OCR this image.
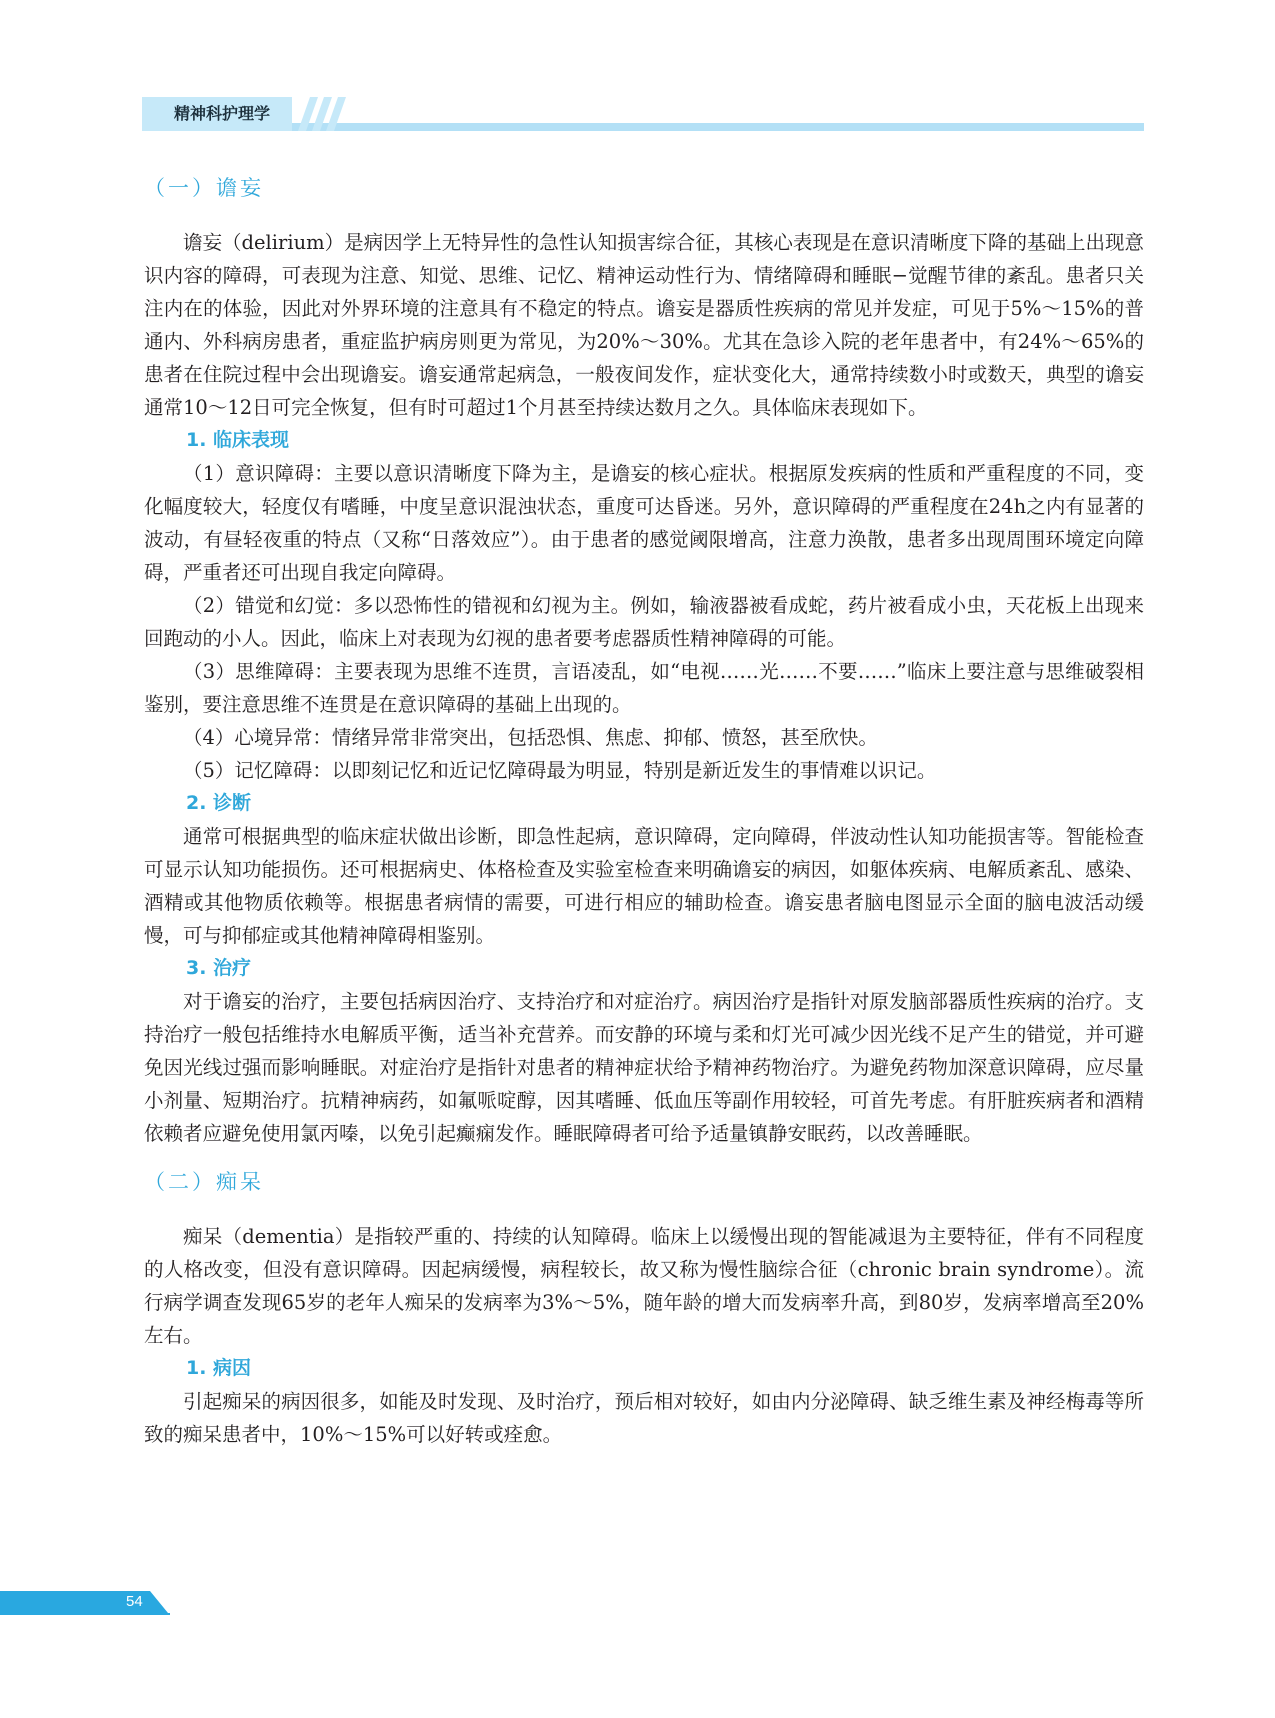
精神科护理学
（一）谵妄

谵妄（delirium）是病因学上无特异性的急性认知损害综合征，其核心表现是在意识清晰度下降的基础上出现意识内容的障碍，可表现为注意、知觉、思维、记忆、精神运动性行为、情绪障碍和睡眠−觉醒节律的紊乱。患者只关注内在的体验，因此对外界环境的注意具有不稳定的特点。谵妄是器质性疾病的常见并发症，可见于5%～15%的普通内、外科病房患者，重症监护病房则更为常见，为20%～30%。尤其在急诊入院的老年患者中，有24%～65%的患者在住院过程中会出现谵妄。谵妄通常起病急，一般夜间发作，症状变化大，通常持续数小时或数天，典型的谵妄通常10～12日可完全恢复，但有时可超过1个月甚至持续达数月之久。具体临床表现如下。

1. 临床表现

（1）意识障碍：主要以意识清晰度下降为主，是谵妄的核心症状。根据原发疾病的性质和严重程度的不同，变化幅度较大，轻度仅有嗜睡，中度呈意识混浊状态，重度可达昏迷。另外，意识障碍的严重程度在24h之内有显著的波动，有昼轻夜重的特点（又称“日落效应”）。由于患者的感觉阈限增高，注意力涣散，患者多出现周围环境定向障碍，严重者还可出现自我定向障碍。

（2）错觉和幻觉：多以恐怖性的错视和幻视为主。例如，输液器被看成蛇，药片被看成小虫，天花板上出现来回跑动的小人。因此，临床上对表现为幻视的患者要考虑器质性精神障碍的可能。

（3）思维障碍：主要表现为思维不连贯，言语凌乱，如“电视……光……不要……”临床上要注意与思维破裂相鉴别，要注意思维不连贯是在意识障碍的基础上出现的。

（4）心境异常：情绪异常非常突出，包括恐惧、焦虑、抑郁、愤怒，甚至欣快。

（5）记忆障碍：以即刻记忆和近记忆障碍最为明显，特别是新近发生的事情难以识记。

2. 诊断

通常可根据典型的临床症状做出诊断，即急性起病，意识障碍，定向障碍，伴波动性认知功能损害等。智能检查可显示认知功能损伤。还可根据病史、体格检查及实验室检查来明确谵妄的病因，如躯体疾病、电解质紊乱、感染、酒精或其他物质依赖等。根据患者病情的需要，可进行相应的辅助检查。谵妄患者脑电图显示全面的脑电波活动缓慢，可与抑郁症或其他精神障碍相鉴别。

3. 治疗

对于谵妄的治疗，主要包括病因治疗、支持治疗和对症治疗。病因治疗是指针对原发脑部器质性疾病的治疗。支持治疗一般包括维持水电解质平衡，适当补充营养。而安静的环境与柔和灯光可减少因光线不足产生的错觉，并可避免因光线过强而影响睡眠。对症治疗是指针对患者的精神症状给予精神药物治疗。为避免药物加深意识障碍，应尽量小剂量、短期治疗。抗精神病药，如氟哌啶醇，因其嗜睡、低血压等副作用较轻，可首先考虑。有肝脏疾病者和酒精依赖者应避免使用氯丙嗪，以免引起癫痫发作。睡眠障碍者可给予适量镇静安眠药，以改善睡眠。

（二）痴呆

痴呆（dementia）是指较严重的、持续的认知障碍。临床上以缓慢出现的智能减退为主要特征，伴有不同程度的人格改变，但没有意识障碍。因起病缓慢，病程较长，故又称为慢性脑综合征（chronic brain syndrome）。流行病学调查发现65岁的老年人痴呆的发病率为3%～5%，随年龄的增大而发病率升高，到80岁，发病率增高至20%左右。

1. 病因

引起痴呆的病因很多，如能及时发现、及时治疗，预后相对较好，如由内分泌障碍、缺乏维生素及神经梅毒等所致的痴呆患者中，10%～15%可以好转或痊愈。

54
